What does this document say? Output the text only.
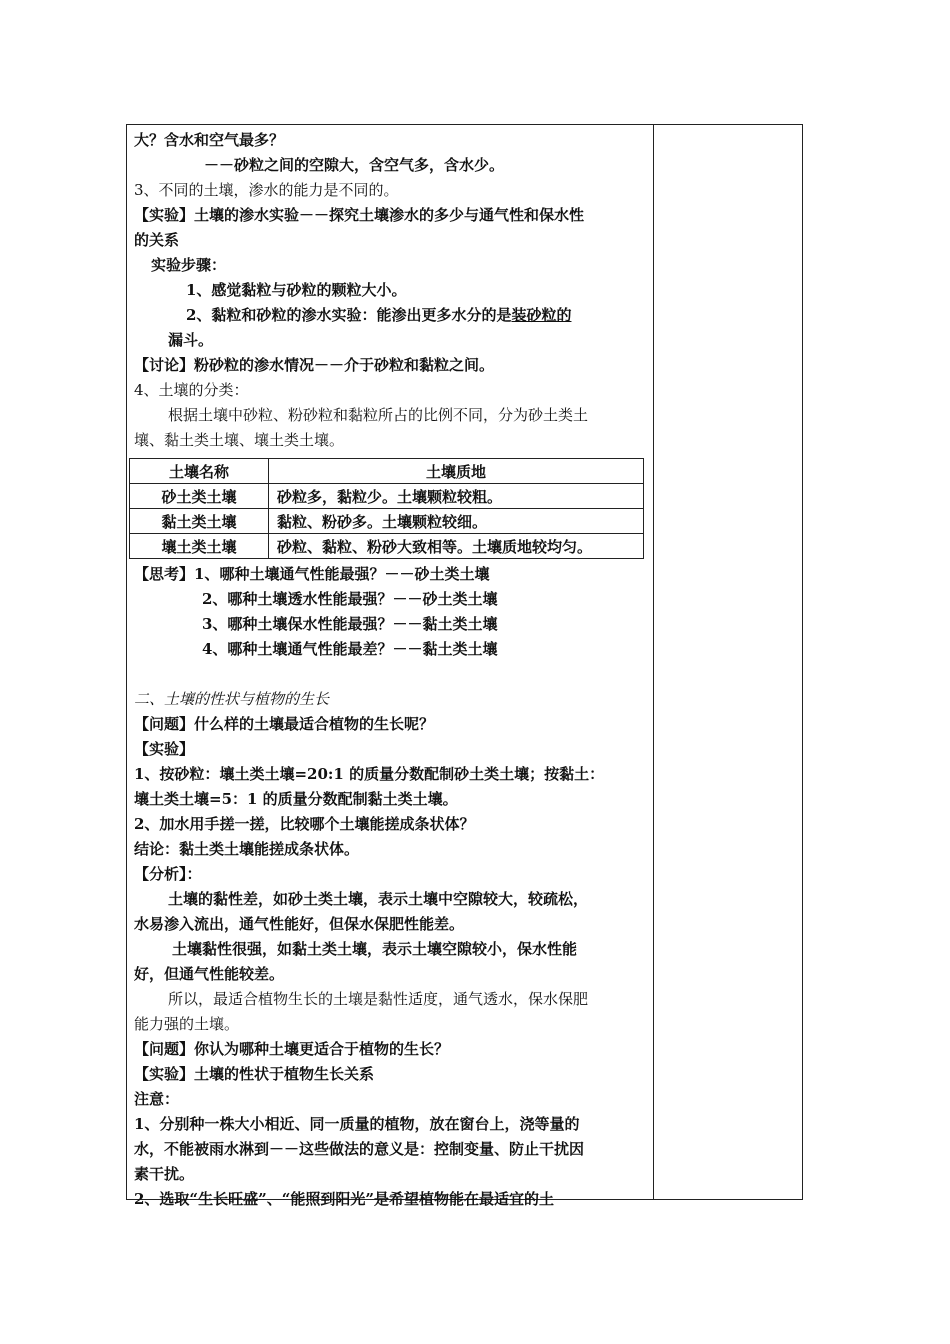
大？含水和空气最多？
－－砂粒之间的空隙大，含空气多，含水少。
3、不同的土壤，渗水的能力是不同的。
【实验】土壤的渗水实验－－探究土壤渗水的多少与通气性和保水性
的关系
实验步骤：
1、感觉黏粒与砂粒的颗粒大小。
2、黏粒和砂粒的渗水实验：能渗出更多水分的是装砂粒的
漏斗。
【讨论】粉砂粒的渗水情况－－介于砂粒和黏粒之间。
4、土壤的分类：
根据土壤中砂粒、粉砂粒和黏粒所占的比例不同，分为砂土类土
壤、黏土类土壤、壤土类土壤。
土壤名称	土壤质地
砂土类土壤	砂粒多，黏粒少。土壤颗粒较粗。
黏土类土壤	黏粒、粉砂多。土壤颗粒较细。
壤土类土壤	砂粒、黏粒、粉砂大致相等。土壤质地较均匀。
【思考】1、哪种土壤通气性能最强？－－砂土类土壤
2、哪种土壤透水性能最强？－－砂土类土壤
3、哪种土壤保水性能最强？－－黏土类土壤
4、哪种土壤通气性能最差？－－黏土类土壤
二、土壤的性状与植物的生长
【问题】什么样的土壤最适合植物的生长呢？
【实验】
1、按砂粒：壤土类土壤=20:1 的质量分数配制砂土类土壤；按黏土：
壤土类土壤=5：1 的质量分数配制黏土类土壤。
2、加水用手搓一搓，比较哪个土壤能搓成条状体？
结论：黏土类土壤能搓成条状体。
【分析】：
土壤的黏性差，如砂土类土壤，表示土壤中空隙较大，较疏松，
水易渗入流出，通气性能好，但保水保肥性能差。
土壤黏性很强，如黏土类土壤，表示土壤空隙较小，保水性能
好，但通气性能较差。
所以，最适合植物生长的土壤是黏性适度，通气透水，保水保肥
能力强的土壤。
【问题】你认为哪种土壤更适合于植物的生长？
【实验】土壤的性状于植物生长关系
注意：
1、分别种一株大小相近、同一质量的植物，放在窗台上，浇等量的
水，不能被雨水淋到－－这些做法的意义是：控制变量、防止干扰因
素干扰。
2、选取“生长旺盛”、“能照到阳光”是希望植物能在最适宜的土
